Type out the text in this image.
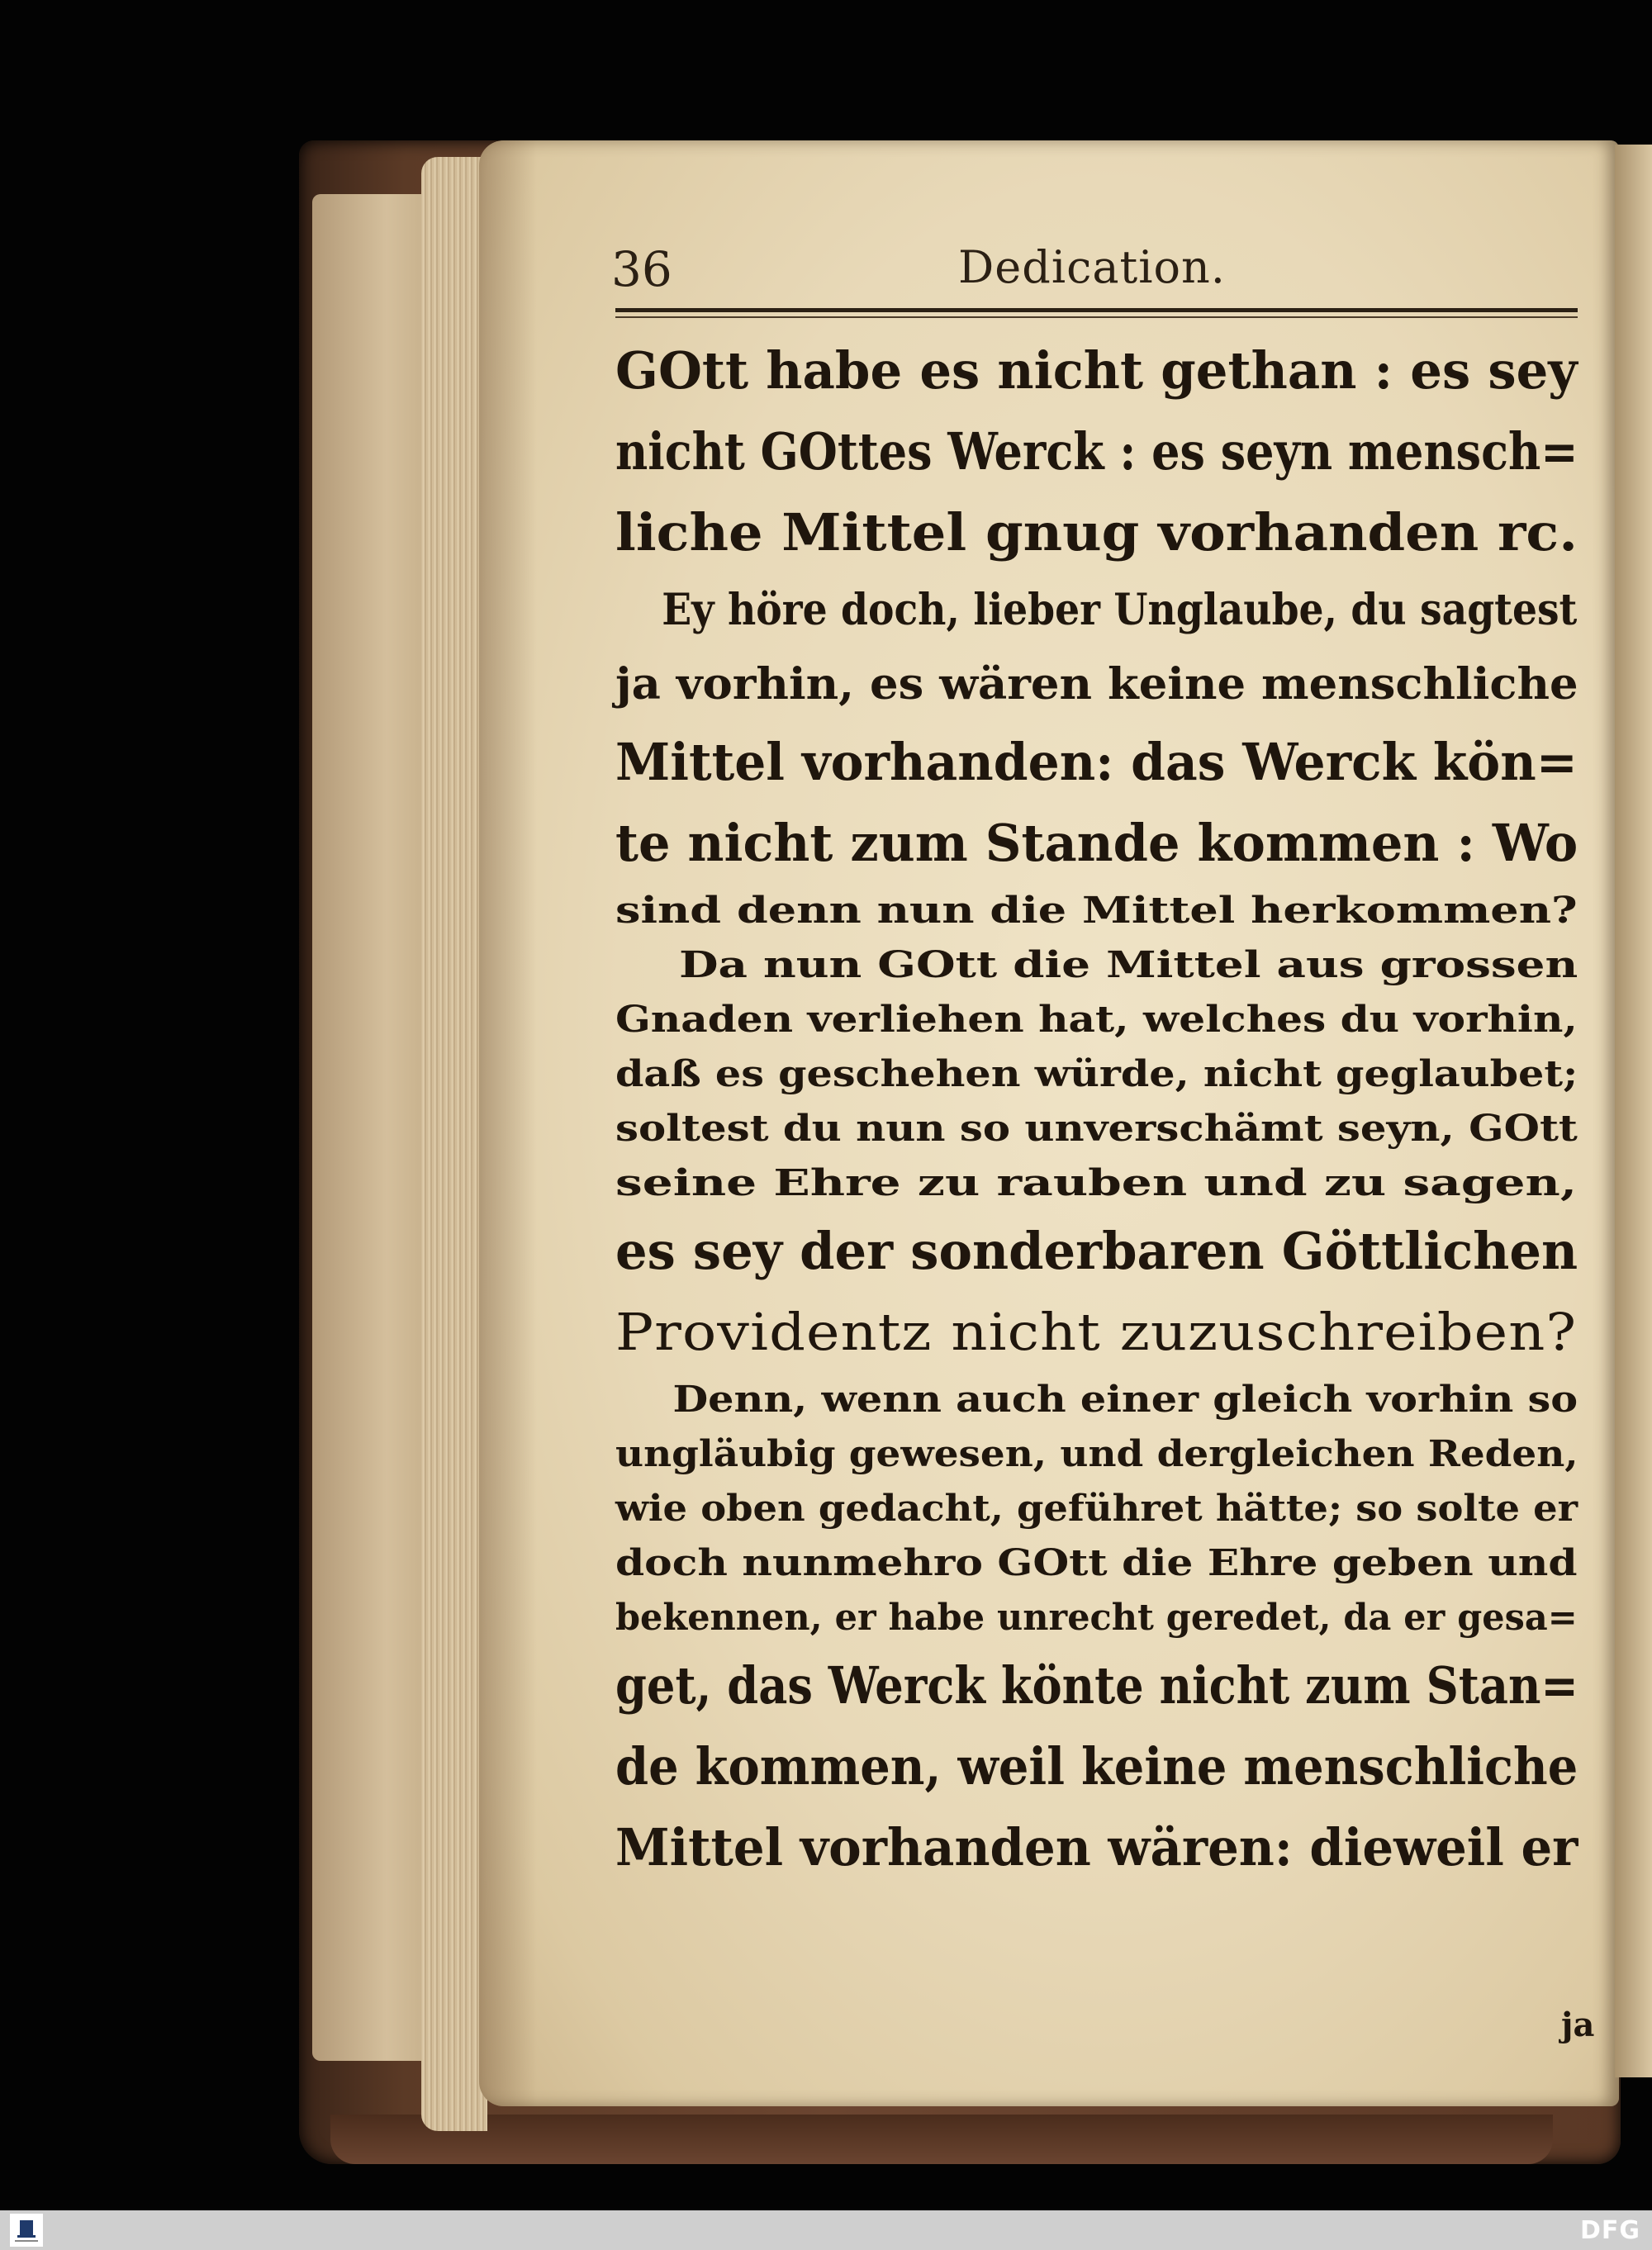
36	Dedication.
GOtt habe es nicht gethan : es sey
nicht GOttes Werck : es seyn mensch=
liche Mittel gnug vorhanden rc.
Ey höre doch, lieber Unglaube, du sagtest
ja vorhin, es wären keine menschliche
Mittel vorhanden: das Werck kön=
te nicht zum Stande kommen : Wo
sind denn nun die Mittel herkommen?
Da nun GOtt die Mittel aus grossen
Gnaden verliehen hat, welches du vorhin,
daß es geschehen würde, nicht geglaubet;
soltest du nun so unverschämt seyn, GOtt
seine Ehre zu rauben und zu sagen,
es sey der sonderbaren Göttlichen
Providentz nicht zuzuschreiben?
Denn, wenn auch einer gleich vorhin so
ungläubig gewesen, und dergleichen Reden,
wie oben gedacht, geführet hätte; so solte er
doch nunmehro GOtt die Ehre geben und
bekennen, er habe unrecht geredet, da er gesa=
get, das Werck könte nicht zum Stan=
de kommen, weil keine menschliche
Mittel vorhanden wären: dieweil er
ja
DFG
